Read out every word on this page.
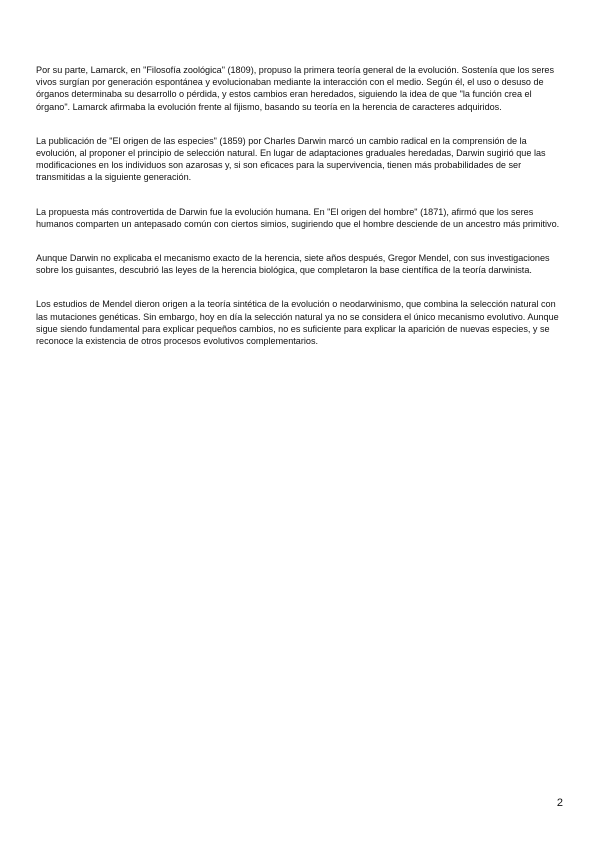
Por su parte, Lamarck, en "Filosofía zoológica" (1809), propuso la primera teoría general de la evolución. Sostenía que los seres vivos surgían por generación espontánea y evolucionaban mediante la interacción con el medio. Según él, el uso o desuso de órganos determinaba su desarrollo o pérdida, y estos cambios eran heredados, siguiendo la idea de que "la función crea el órgano". Lamarck afirmaba la evolución frente al fijismo, basando su teoría en la herencia de caracteres adquiridos.

La publicación de "El origen de las especies" (1859) por Charles Darwin marcó un cambio radical en la comprensión de la evolución, al proponer el principio de selección natural. En lugar de adaptaciones graduales heredadas, Darwin sugirió que las modificaciones en los individuos son azarosas y, si son eficaces para la supervivencia, tienen más probabilidades de ser transmitidas a la siguiente generación.

La propuesta más controvertida de Darwin fue la evolución humana. En "El origen del hombre" (1871), afirmó que los seres humanos comparten un antepasado común con ciertos simios, sugiriendo que el hombre desciende de un ancestro más primitivo.

Aunque Darwin no explicaba el mecanismo exacto de la herencia, siete años después, Gregor Mendel, con sus investigaciones sobre los guisantes, descubrió las leyes de la herencia biológica, que completaron la base científica de la teoría darwinista.

Los estudios de Mendel dieron origen a la teoría sintética de la evolución o neodarwinismo, que combina la selección natural con las mutaciones genéticas. Sin embargo, hoy en día la selección natural ya no se considera el único mecanismo evolutivo. Aunque sigue siendo fundamental para explicar pequeños cambios, no es suficiente para explicar la aparición de nuevas especies, y se reconoce la existencia de otros procesos evolutivos complementarios.

2
